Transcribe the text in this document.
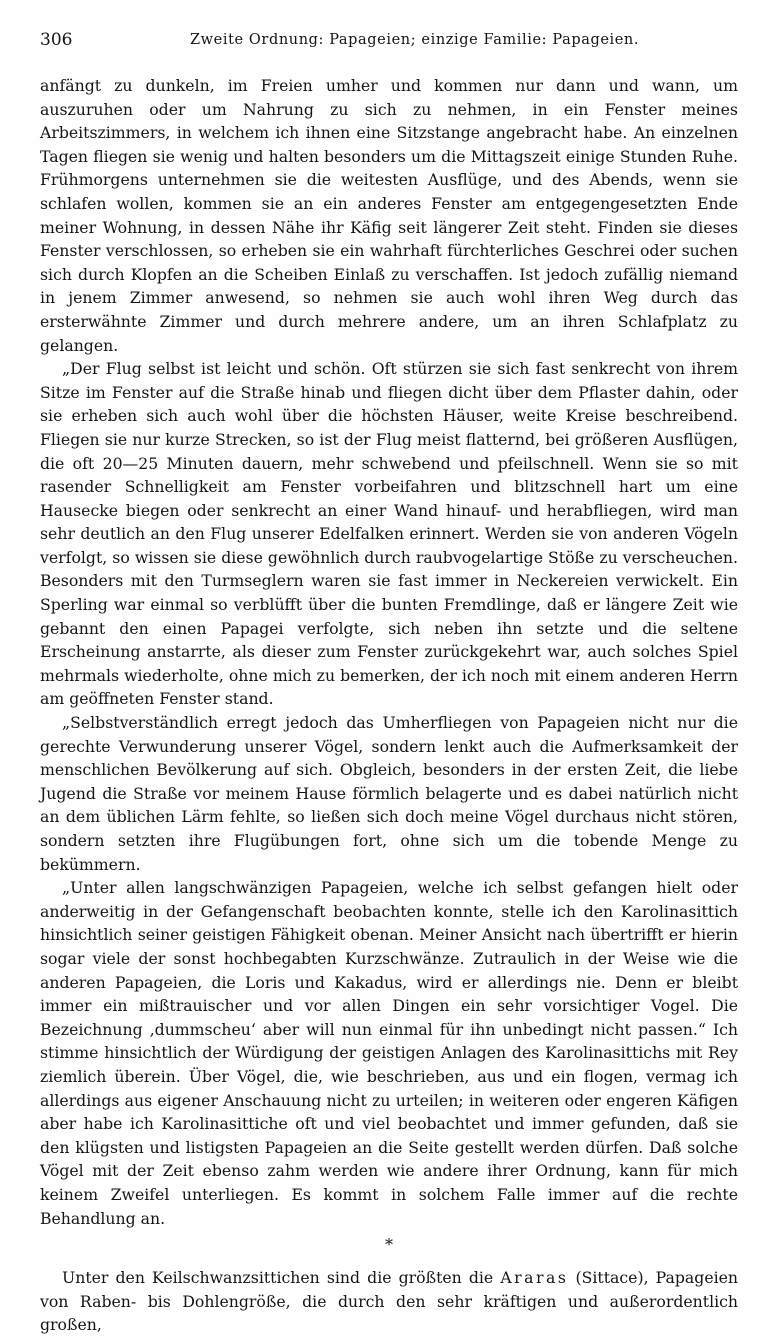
306	Zweite Ordnung: Papageien; einzige Familie: Papageien.

anfängt zu dunkeln, im Freien umher und kommen nur dann und wann, um auszuruhen oder um Nahrung zu sich zu nehmen, in ein Fenster meines Arbeitszimmers, in welchem ich ihnen eine Sitzstange angebracht habe. An einzelnen Tagen fliegen sie wenig und halten besonders um die Mittagszeit einige Stunden Ruhe. Frühmorgens unternehmen sie die weitesten Ausflüge, und des Abends, wenn sie schlafen wollen, kommen sie an ein anderes Fenster am entgegengesetzten Ende meiner Wohnung, in dessen Nähe ihr Käfig seit längerer Zeit steht. Finden sie dieses Fenster verschlossen, so erheben sie ein wahrhaft fürchterliches Geschrei oder suchen sich durch Klopfen an die Scheiben Einlaß zu verschaffen. Ist jedoch zufällig niemand in jenem Zimmer anwesend, so nehmen sie auch wohl ihren Weg durch das ersterwähnte Zimmer und durch mehrere andere, um an ihren Schlafplatz zu gelangen.

„Der Flug selbst ist leicht und schön. Oft stürzen sie sich fast senkrecht von ihrem Sitze im Fenster auf die Straße hinab und fliegen dicht über dem Pflaster dahin, oder sie erheben sich auch wohl über die höchsten Häuser, weite Kreise beschreibend. Fliegen sie nur kurze Strecken, so ist der Flug meist flatternd, bei größeren Ausflügen, die oft 20—25 Minuten dauern, mehr schwebend und pfeilschnell. Wenn sie so mit rasender Schnelligkeit am Fenster vorbeifahren und blitzschnell hart um eine Hausecke biegen oder senkrecht an einer Wand hinauf- und herabfliegen, wird man sehr deutlich an den Flug unserer Edelfalken erinnert. Werden sie von anderen Vögeln verfolgt, so wissen sie diese gewöhnlich durch raubvogelartige Stöße zu verscheuchen. Besonders mit den Turmseglern waren sie fast immer in Neckereien verwickelt. Ein Sperling war einmal so verblüfft über die bunten Fremdlinge, daß er längere Zeit wie gebannt den einen Papagei verfolgte, sich neben ihn setzte und die seltene Erscheinung anstarrte, als dieser zum Fenster zurückgekehrt war, auch solches Spiel mehrmals wiederholte, ohne mich zu bemerken, der ich noch mit einem anderen Herrn am geöffneten Fenster stand.

„Selbstverständlich erregt jedoch das Umherfliegen von Papageien nicht nur die gerechte Verwunderung unserer Vögel, sondern lenkt auch die Aufmerksamkeit der menschlichen Bevölkerung auf sich. Obgleich, besonders in der ersten Zeit, die liebe Jugend die Straße vor meinem Hause förmlich belagerte und es dabei natürlich nicht an dem üblichen Lärm fehlte, so ließen sich doch meine Vögel durchaus nicht stören, sondern setzten ihre Flugübungen fort, ohne sich um die tobende Menge zu bekümmern.

„Unter allen langschwänzigen Papageien, welche ich selbst gefangen hielt oder anderweitig in der Gefangenschaft beobachten konnte, stelle ich den Karolinasittich hinsichtlich seiner geistigen Fähigkeit obenan. Meiner Ansicht nach übertrifft er hierin sogar viele der sonst hochbegabten Kurzschwänze. Zutraulich in der Weise wie die anderen Papageien, die Loris und Kakadus, wird er allerdings nie. Denn er bleibt immer ein mißtrauischer und vor allen Dingen ein sehr vorsichtiger Vogel. Die Bezeichnung ‚dummscheu‘ aber will nun einmal für ihn unbedingt nicht passen.“ Ich stimme hinsichtlich der Würdigung der geistigen Anlagen des Karolinasittichs mit Rey ziemlich überein. Über Vögel, die, wie beschrieben, aus und ein flogen, vermag ich allerdings aus eigener Anschauung nicht zu urteilen; in weiteren oder engeren Käfigen aber habe ich Karolinasittiche oft und viel beobachtet und immer gefunden, daß sie den klügsten und listigsten Papageien an die Seite gestellt werden dürfen. Daß solche Vögel mit der Zeit ebenso zahm werden wie andere ihrer Ordnung, kann für mich keinem Zweifel unterliegen. Es kommt in solchem Falle immer auf die rechte Behandlung an.

*

Unter den Keilschwanzsittichen sind die größten die Araras (Sittace), Papageien von Raben- bis Dohlengröße, die durch den sehr kräftigen und außerordentlich großen,
